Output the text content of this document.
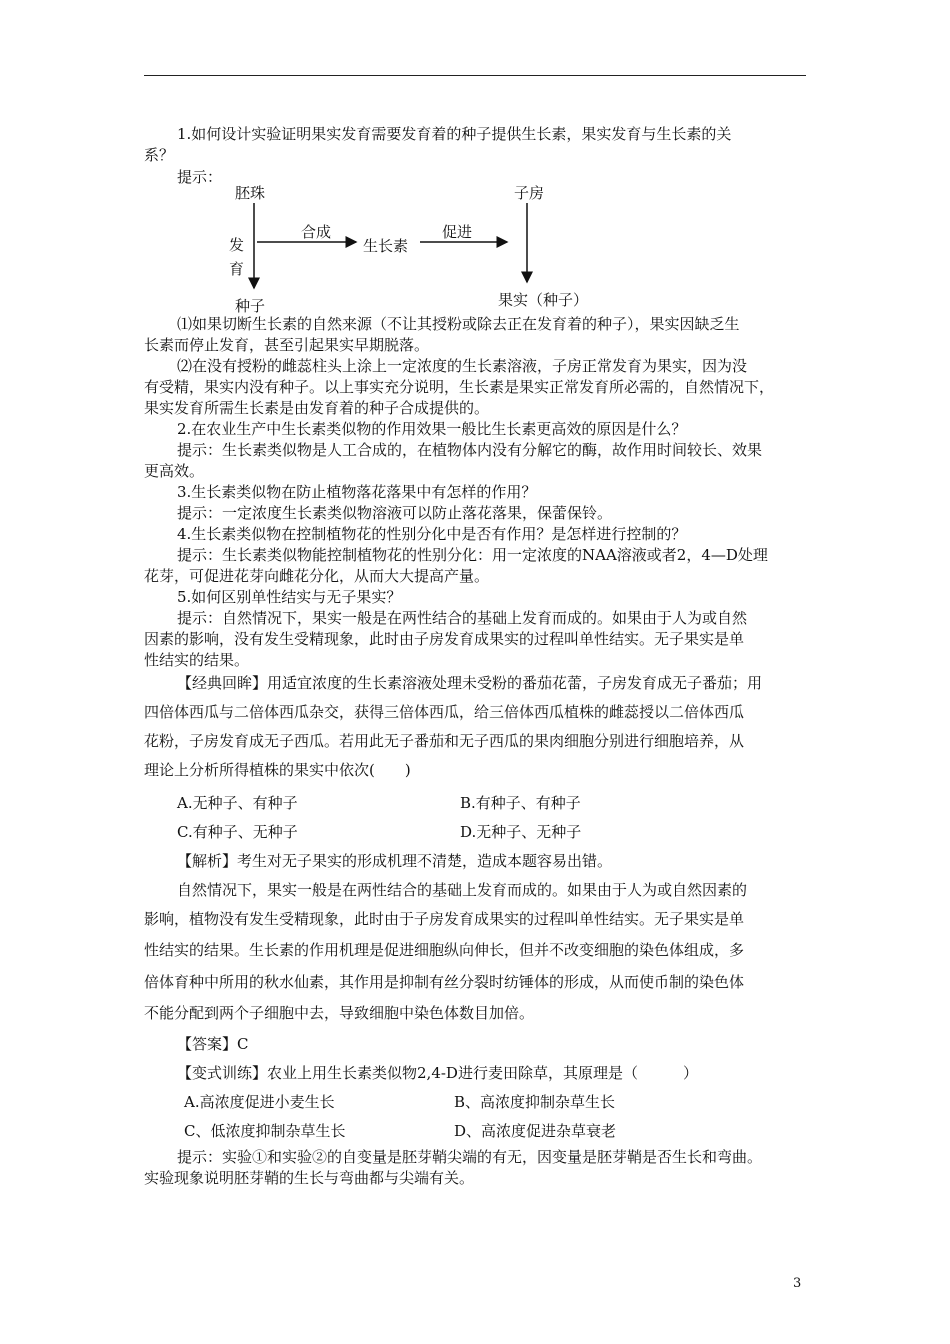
1.如何设计实验证明果实发育需要发育着的种子提供生长素，果实发育与生长素的关
系？
提示：
胚珠	子房
发
育
合成
生长素
促进
种子	果实（种子）
⑴如果切断生长素的自然来源（不让其授粉或除去正在发育着的种子），果实因缺乏生
长素而停止发育，甚至引起果实早期脱落。
⑵在没有授粉的雌蕊柱头上涂上一定浓度的生长素溶液，子房正常发育为果实，因为没
有受精，果实内没有种子。以上事实充分说明，生长素是果实正常发育所必需的，自然情况下，
果实发育所需生长素是由发育着的种子合成提供的。
2.在农业生产中生长素类似物的作用效果一般比生长素更高效的原因是什么？
提示：生长素类似物是人工合成的，在植物体内没有分解它的酶，故作用时间较长、效果
更高效。
3.生长素类似物在防止植物落花落果中有怎样的作用？
提示：一定浓度生长素类似物溶液可以防止落花落果，保蕾保铃。
4.生长素类似物在控制植物花的性别分化中是否有作用？是怎样进行控制的？
提示：生长素类似物能控制植物花的性别分化：用一定浓度的NAA溶液或者2，4—D处理
花芽，可促进花芽向雌花分化，从而大大提高产量。
5.如何区别单性结实与无子果实？
提示：自然情况下，果实一般是在两性结合的基础上发育而成的。如果由于人为或自然
因素的影响，没有发生受精现象，此时由子房发育成果实的过程叫单性结实。无子果实是单
性结实的结果。
【经典回眸】用适宜浓度的生长素溶液处理未受粉的番茄花蕾，子房发育成无子番茄；用
四倍体西瓜与二倍体西瓜杂交，获得三倍体西瓜，给三倍体西瓜植株的雌蕊授以二倍体西瓜
花粉，子房发育成无子西瓜。若用此无子番茄和无子西瓜的果肉细胞分别进行细胞培养，从
理论上分析所得植株的果实中依次(　　)
A.无种子、有种子	B.有种子、有种子
C.有种子、无种子	D.无种子、无种子
【解析】考生对无子果实的形成机理不清楚，造成本题容易出错。
自然情况下，果实一般是在两性结合的基础上发育而成的。如果由于人为或自然因素的
影响，植物没有发生受精现象，此时由于子房发育成果实的过程叫单性结实。无子果实是单
性结实的结果。生长素的作用机理是促进细胞纵向伸长，但并不改变细胞的染色体组成，多
倍体育种中所用的秋水仙素，其作用是抑制有丝分裂时纺锤体的形成，从而使币制的染色体
不能分配到两个子细胞中去，导致细胞中染色体数目加倍。
【答案】C
【变式训练】农业上用生长素类似物2,4-D进行麦田除草，其原理是（　　　）
A.高浓度促进小麦生长	B、高浓度抑制杂草生长
C、低浓度抑制杂草生长	D、高浓度促进杂草衰老
提示：实验①和实验②的自变量是胚芽鞘尖端的有无，因变量是胚芽鞘是否生长和弯曲。
实验现象说明胚芽鞘的生长与弯曲都与尖端有关。
3
